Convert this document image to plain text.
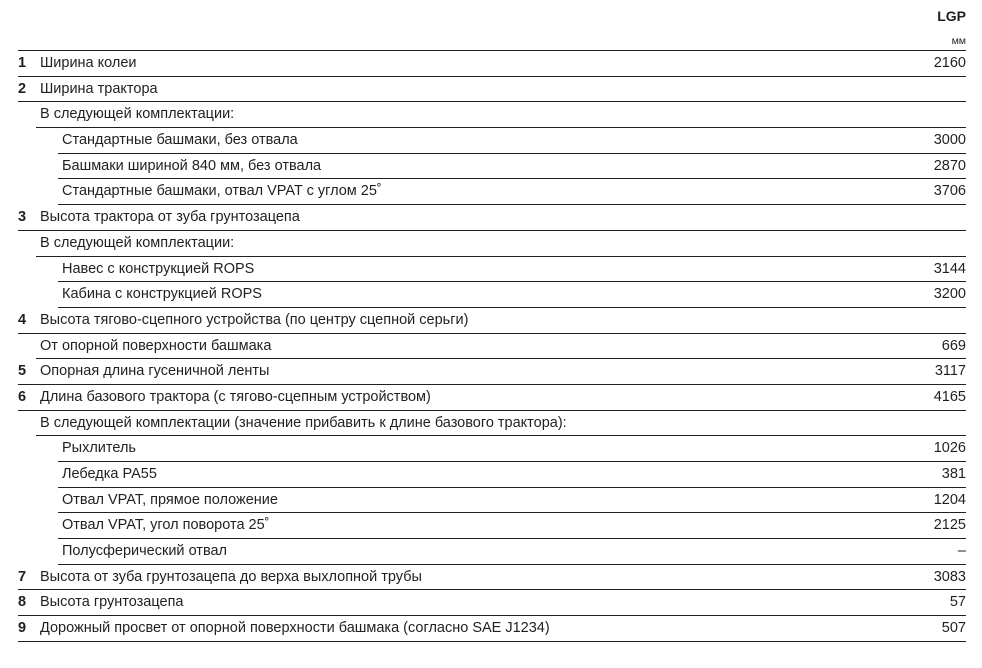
LGP
мм
1 Ширина колеи	2160
2 Ширина трактора
В следующей комплектации:
Стандартные башмаки, без отвала	3000
Башмаки шириной 840 мм, без отвала	2870
Стандартные башмаки, отвал VPAT с углом 25˚	3706
3 Высота трактора от зуба грунтозацепа
В следующей комплектации:
Навес с конструкцией ROPS	3144
Кабина с конструкцией ROPS	3200
4 Высота тягово-сцепного устройства (по центру сцепной серьги)
От опорной поверхности башмака	669
5 Опорная длина гусеничной ленты	3117
6 Длина базового трактора (с тягово-сцепным устройством)	4165
В следующей комплектации (значение прибавить к длине базового трактора):
Рыхлитель	1026
Лебедка PA55	381
Отвал VPAT, прямое положение	1204
Отвал VPAT, угол поворота 25˚	2125
Полусферический отвал	–
7 Высота от зуба грунтозацепа до верха выхлопной трубы	3083
8 Высота грунтозацепа	57
9 Дорожный просвет от опорной поверхности башмака (согласно SAE J1234)	507
